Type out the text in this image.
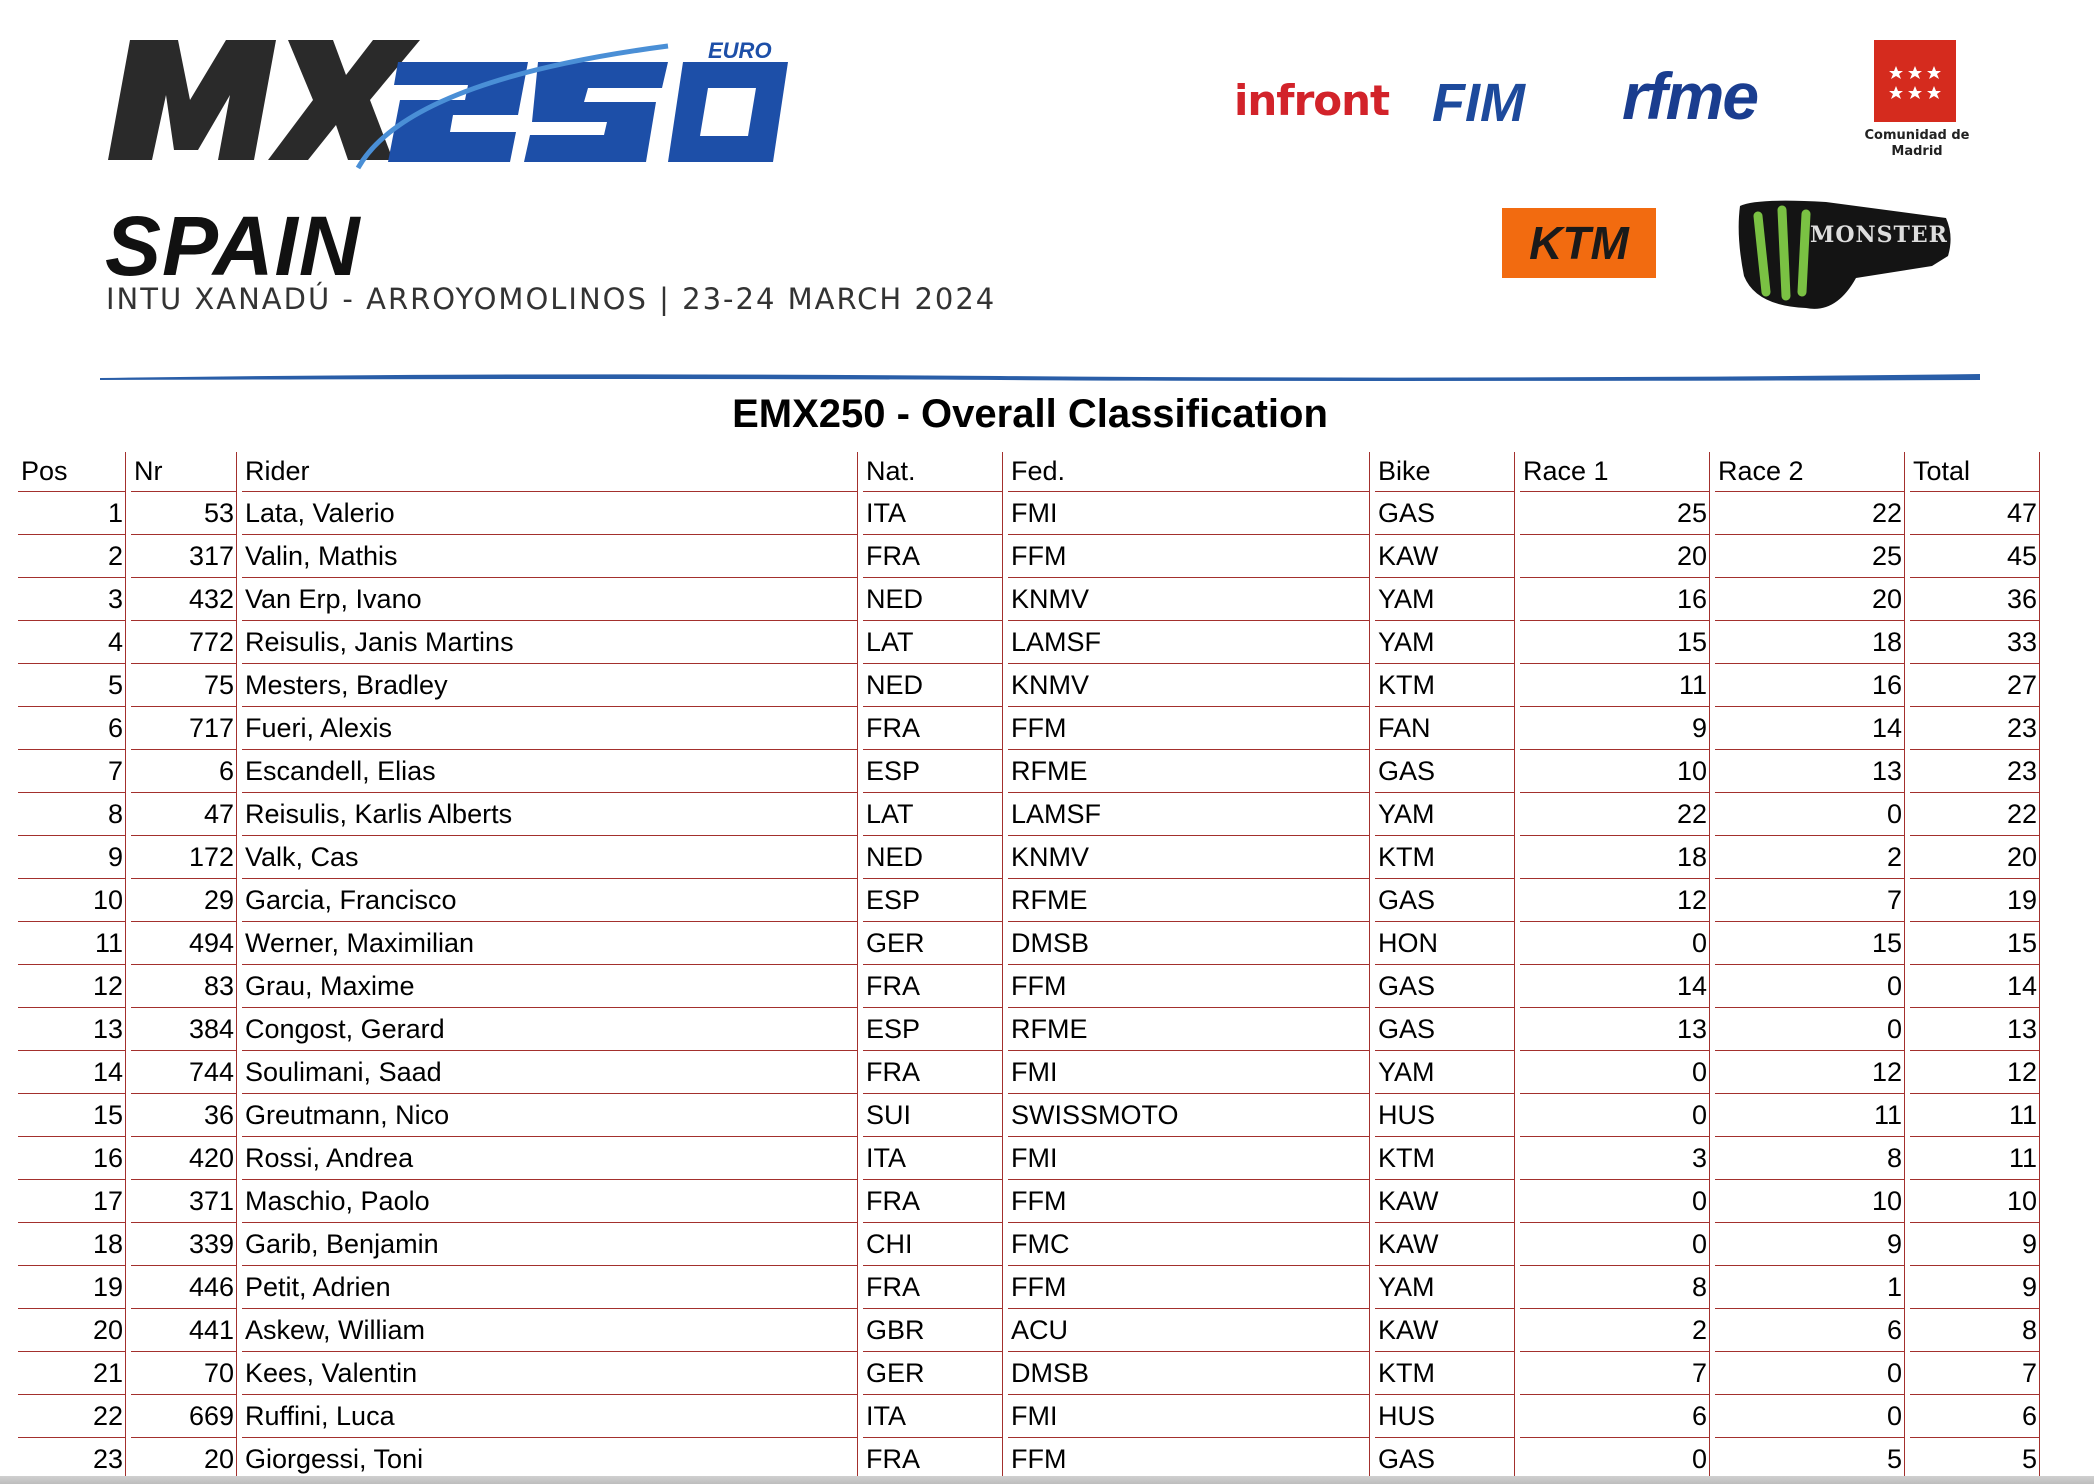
EURO
SPAIN
INTU XANADÚ - ARROYOMOLINOS | 23-24 MARCH 2024
infront FIM rfme
Comunidad de Madrid
KTM	MONSTER
EMX250 - Overall Classification
Pos	Nr	Rider	Nat.	Fed.	Bike	Race 1	Race 2	Total
1	53	Lata, Valerio	ITA	FMI	GAS	25	22	47
2	317	Valin, Mathis	FRA	FFM	KAW	20	25	45
3	432	Van Erp, Ivano	NED	KNMV	YAM	16	20	36
4	772	Reisulis, Janis Martins	LAT	LAMSF	YAM	15	18	33
5	75	Mesters, Bradley	NED	KNMV	KTM	11	16	27
6	717	Fueri, Alexis	FRA	FFM	FAN	9	14	23
7	6	Escandell, Elias	ESP	RFME	GAS	10	13	23
8	47	Reisulis, Karlis Alberts	LAT	LAMSF	YAM	22	0	22
9	172	Valk, Cas	NED	KNMV	KTM	18	2	20
10	29	Garcia, Francisco	ESP	RFME	GAS	12	7	19
11	494	Werner, Maximilian	GER	DMSB	HON	0	15	15
12	83	Grau, Maxime	FRA	FFM	GAS	14	0	14
13	384	Congost, Gerard	ESP	RFME	GAS	13	0	13
14	744	Soulimani, Saad	FRA	FMI	YAM	0	12	12
15	36	Greutmann, Nico	SUI	SWISSMOTO	HUS	0	11	11
16	420	Rossi, Andrea	ITA	FMI	KTM	3	8	11
17	371	Maschio, Paolo	FRA	FFM	KAW	0	10	10
18	339	Garib, Benjamin	CHI	FMC	KAW	0	9	9
19	446	Petit, Adrien	FRA	FFM	YAM	8	1	9
20	441	Askew, William	GBR	ACU	KAW	2	6	8
21	70	Kees, Valentin	GER	DMSB	KTM	7	0	7
22	669	Ruffini, Luca	ITA	FMI	HUS	6	0	6
23	20	Giorgessi, Toni	FRA	FFM	GAS	0	5	5
